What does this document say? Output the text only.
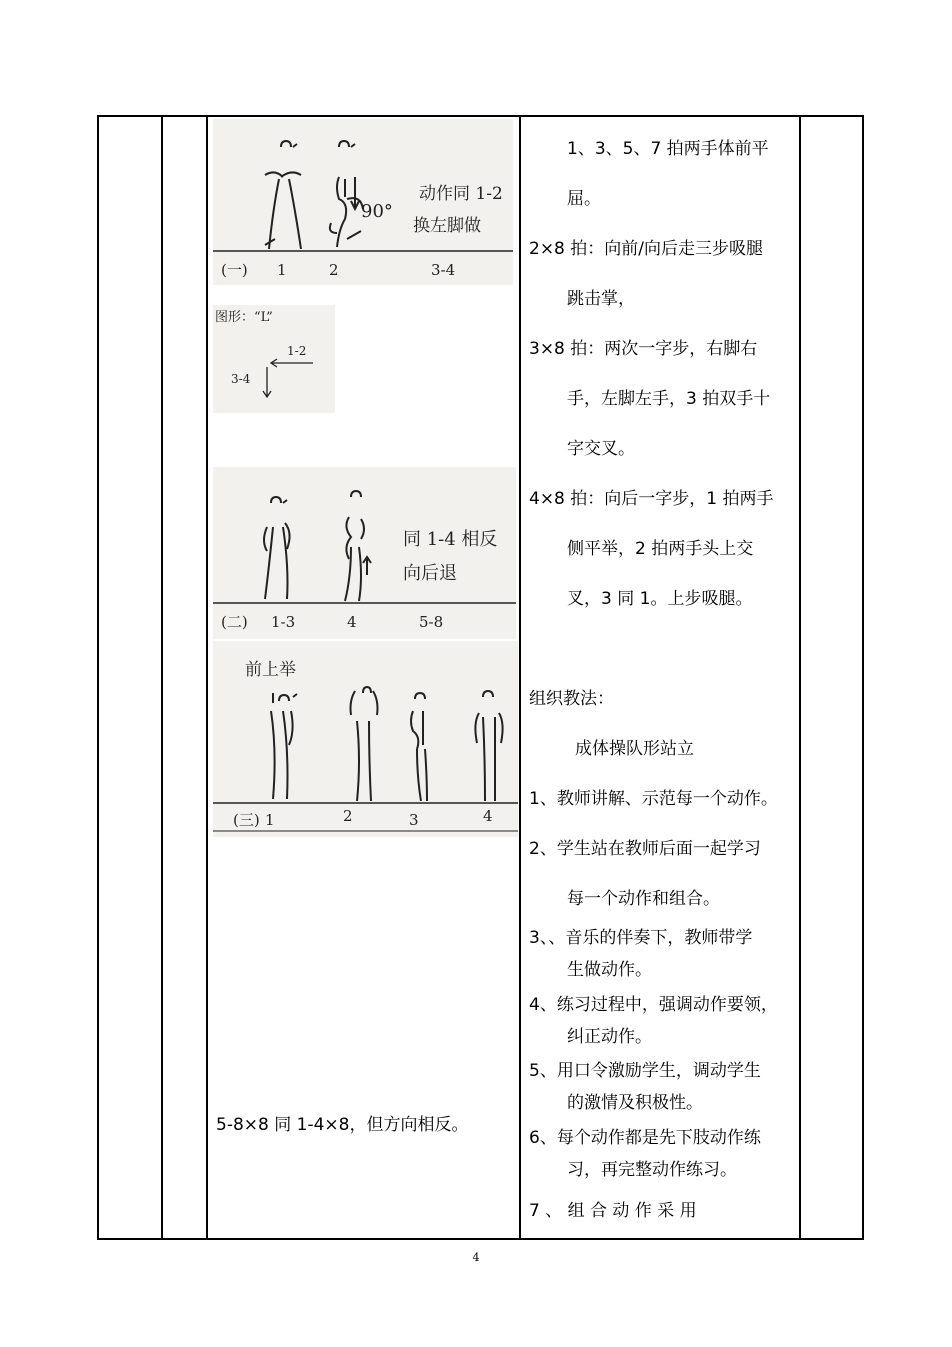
90°
动作同 1-2
换左脚做
(一) 1	2	3-4
图形：“L”
1-2
3-4
同 1-4 相反
向后退
(二) 1-3	4	5-8
前上举
(三) 1	2	3	4
5-8×8 同 1-4×8，但方向相反。

1、3、5、7 拍两手体前平

屈。

2×8 拍：向前/向后走三步吸腿

跳击掌，

3×8 拍：两次一字步，右脚右

手，左脚左手，3 拍双手十

字交叉。

4×8 拍：向后一字步，1 拍两手

侧平举，2 拍两手头上交

叉，3 同 1。上步吸腿。

组织教法：

成体操队形站立

1、教师讲解、示范每一个动作。

2、学生站在教师后面一起学习

每一个动作和组合。

3、、音乐的伴奏下，教师带学

生做动作。

4、练习过程中，强调动作要领，

纠正动作。

5、用口令激励学生，调动学生

的激情及积极性。

6、每个动作都是先下肢动作练

习，再完整动作练习。

7 、 组 合 动 作 采 用

4
